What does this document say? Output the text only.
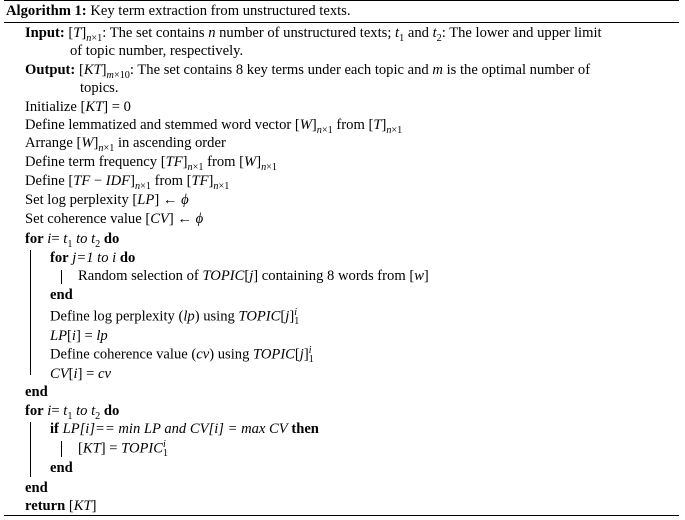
Algorithm 1: Key term extraction from unstructured texts.
Input: $[T]_{n\times 1}$: The set contains n number of unstructured texts; $t_1$ and $t_2$: The lower and upper limit
of topic number, respectively.
Output: $[KT]_{m\times 10}$: The set contains 8 key terms under each topic and m is the optimal number of
topics.
Initialize [KT] = 0
Define lemmatized and stemmed word vector $[W]_{n\times 1}$ from $[T]_{n\times 1}$
Arrange $[W]_{n\times 1}$ in ascending order
Define term frequency $[TF]_{n\times 1}$ from $[W]_{n\times 1}$
Define $[TF - IDF]_{n\times 1}$ from $[TF]_{n\times 1}$
Set log perplexity [LP] ← ϕ
Set coherence value [CV] ← ϕ
for $i= t_1$ to $t_2$ do
for j=1 to i do
Random selection of TOPIC[j] containing 8 words from [w]
end
Define log perplexity (lp) using TOPIC[j] i
1
LP[i] = lp
Define coherence value (cv) using TOPIC[j] i
1
CV[i] = cv
end
for $i= t_1$ to $t_2$ do
if LP[i]== min LP and CV[i] = max CV then
[KT] = TOPIC i
1
end
end
return [KT]
